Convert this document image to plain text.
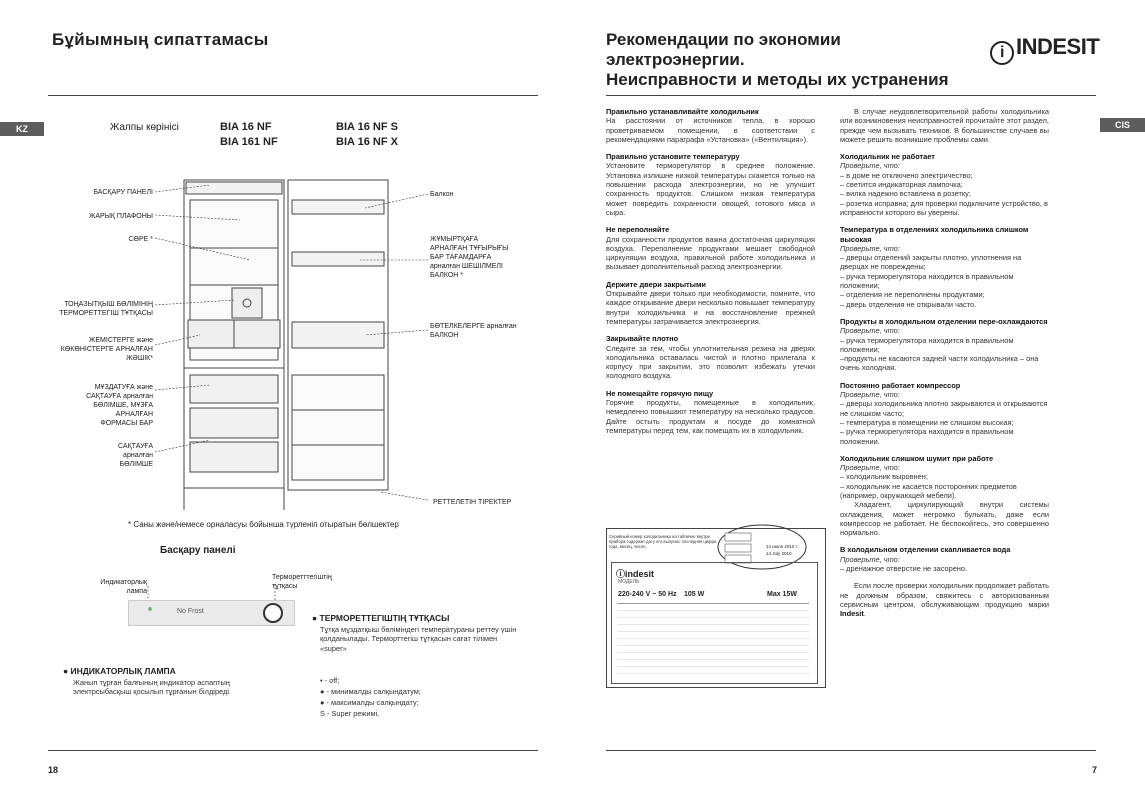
Бұйымның сипаттамасы
KZ	Жалпы көрінісі	BIA 16 NF
BIA 161 NF
BIA 16 NF S
BIA 16 NF X
БАСҚАРУ ПАНЕЛІ
ЖАРЫҚ ПЛАФОНЫ
СӨРЕ *
ТОҢАЗЫТҚЫШ БӨЛІМІНІҢ ТЕРМОРЕТТЕГІШ ТҰТҚАСЫ
ЖЕМІСТЕРГЕ және КӨКӨНІСТЕРГЕ АРНАЛҒАН ЖӘШІК*
МҰЗДАТУҒА және САҚТАУҒА арналған БӨЛІМШЕ, МҰЗҒА АРНАЛҒАН ФОРМАСЫ БАР
САҚТАУҒА арналған БӨЛІМШЕ
Балкон
ЖҰМЫРТҚАҒА АРНАЛҒАН ТҰҒЫРЫҒЫ БАР ТАҒАМДАРҒА арналған ШЕШІЛМЕЛІ БАЛКОН *
БӨТЕЛКЕЛЕРГЕ арналған БАЛКОН
РЕТТЕЛЕТІН ТІРЕКТЕР
* Саны және/немесе орналасуы бойынша түрленіп отыратын бөлшектер
Басқару панелі
Индикаторлық лампа
Терморетттегіштің тұтқасы
No Frost
● ТЕРМОРЕТТЕГІШТІҢ ТҰТҚАСЫ
Тұтқа мұздатқыш бөліміндегі температураны реттеу үшін қолданылады. Терморттегіш тұтқасын сағат тілімен «super»
● ИНДИКАТОРЛЫҚ ЛАМПА
Жанып тұрған балғының индикатор аспаптың электрсыбасқыш қосылып тұрғанын білдіреді.
• - off;
● - минималды салқындатум;
● - максималды салқындату;
S - Super режимі.
18
Рекомендации по экономии
электроэнергии.
Неисправности и методы их устранения
i INDESIT
CIS
Правильно устанавливайте холодильник
На расстоянии от источников тепла, в хорошо проветриваемом помещении, в соответствии с рекомендациями параграфа «Установка» («Вентиляция»).
Правильно установите температуру
Установите терморегулятор в среднее положение. Установка излишне низкой температуры скажется только на повышении расхода электроэнергии, но не улучшит сохранность продуктов. Слишком низкая температура может повредить сохранности овощей, готового мяса и сыра.
Не переполняйте
Для сохранности продуктов важна достаточная циркуляция воздуха. Переполнение продуктами мешает свободной циркуляции воздуха, правильной работе холодильника и вызывает дополнительный расход электроэнергии.
Держите двери закрытыми
Открывайте двери только при необходимости, помните, что каждое открывание двери несколько повышает температуру внутри холодильника и на восстановление прежней температуры затрачивается электроэнергия.
Закрывайте плотно
Следите за тем, чтобы уплотнительная резина на дверях холодильника оставалась чистой и плотно прилегала к корпусу при закрытии, это позволит избежать утечки холодного воздуха.
Не помещайте горячую пищу
Горячие продукты, помещенные в холодильник, немедленно повышают температуру на несколько градусов. Дайте остыть продуктам и посуде до комнатной температуры перед тем, как помещать их в холодильник.
Серийный номер холодильника на табличке внутри прибора содержит дату его выпуска: последняя цифра года, месяц, число.	14 июля 2010 г.
14 July 2010
ⓘindesit
МОДЕЛЬ
220-240 V ~ 50 Hz 105 W	Max 15W
В случае неудовлетворительной работы холодильника или возникновения неисправностей прочитайте этот раздел, прежде чем вызывать техников. В большинстве случаев вы можете решить возникшие проблемы сами.
Холодильник не работает
Проверьте, что:
– в доме не отключено электричество;
– светится индикаторная лампочка;
– вилка надежно вставлена в розетку;
– розетка исправна; для проверки подключите устройство, в исправности которого вы уверены.
Температура в отделениях холодильника слишком высокая
Проверьте, что:
– дверцы отделений закрыты плотно, уплотнения на дверцах не повреждены;
– ручка терморегулятора находится в правильном положении;
– отделения не переполнены продуктами;
– дверь отделения не открывали часто.
Продукты в холодильном отделении пере-охлаждаются
Проверьте, что:
– ручка терморегулятора находится в правильном положении;
–продукты не касаются задней части холодильника – она очень холодная.
Постоянно работает компрессор
Проверьте, что:
– дверцы холодильника плотно закрываются и открываются не слишком часто;
– температура в помещении не слишком высокая;
– ручка терморегулятора находится в правильном положении.
Холодильник слишком шумит при работе
Проверьте, что:
– холодильник выровнен;
– холодильник не касается посторонних предметов (например, окружающей мебели).
Хладагент, циркулирующий внутри системы охлаждения, может негромко булькать, даже если компрессор не работает. Не беспокойтесь, это совершенно нормально.
В холодильном отделении скапливается вода
Проверьте, что:
– дренажное отверстие не засорено.
Если после проверки холодильник продолжает работать не должным образом, свяжитесь с авторизованным сервисным центром, обслуживающим продукцию марки Indesit.
7
